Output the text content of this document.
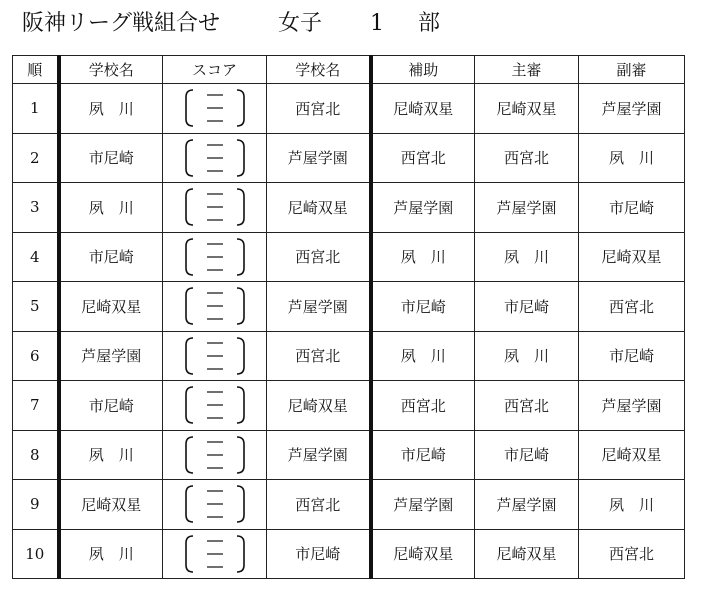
阪神リーグ戦組合せ	女子 1 部
順	学校名	スコア	学校名	補助	主審	副審
1	夙　川		西宮北	尼崎双星	尼崎双星	芦屋学園
2	市尼崎		芦屋学園	西宮北	西宮北	夙　川
3	夙　川		尼崎双星	芦屋学園	芦屋学園	市尼崎
4	市尼崎		西宮北	夙　川	夙　川	尼崎双星
5	尼崎双星		芦屋学園	市尼崎	市尼崎	西宮北
6	芦屋学園		西宮北	夙　川	夙　川	市尼崎
7	市尼崎		尼崎双星	西宮北	西宮北	芦屋学園
8	夙　川		芦屋学園	市尼崎	市尼崎	尼崎双星
9	尼崎双星		西宮北	芦屋学園	芦屋学園	夙　川
10	夙　川		市尼崎	尼崎双星	尼崎双星	西宮北
